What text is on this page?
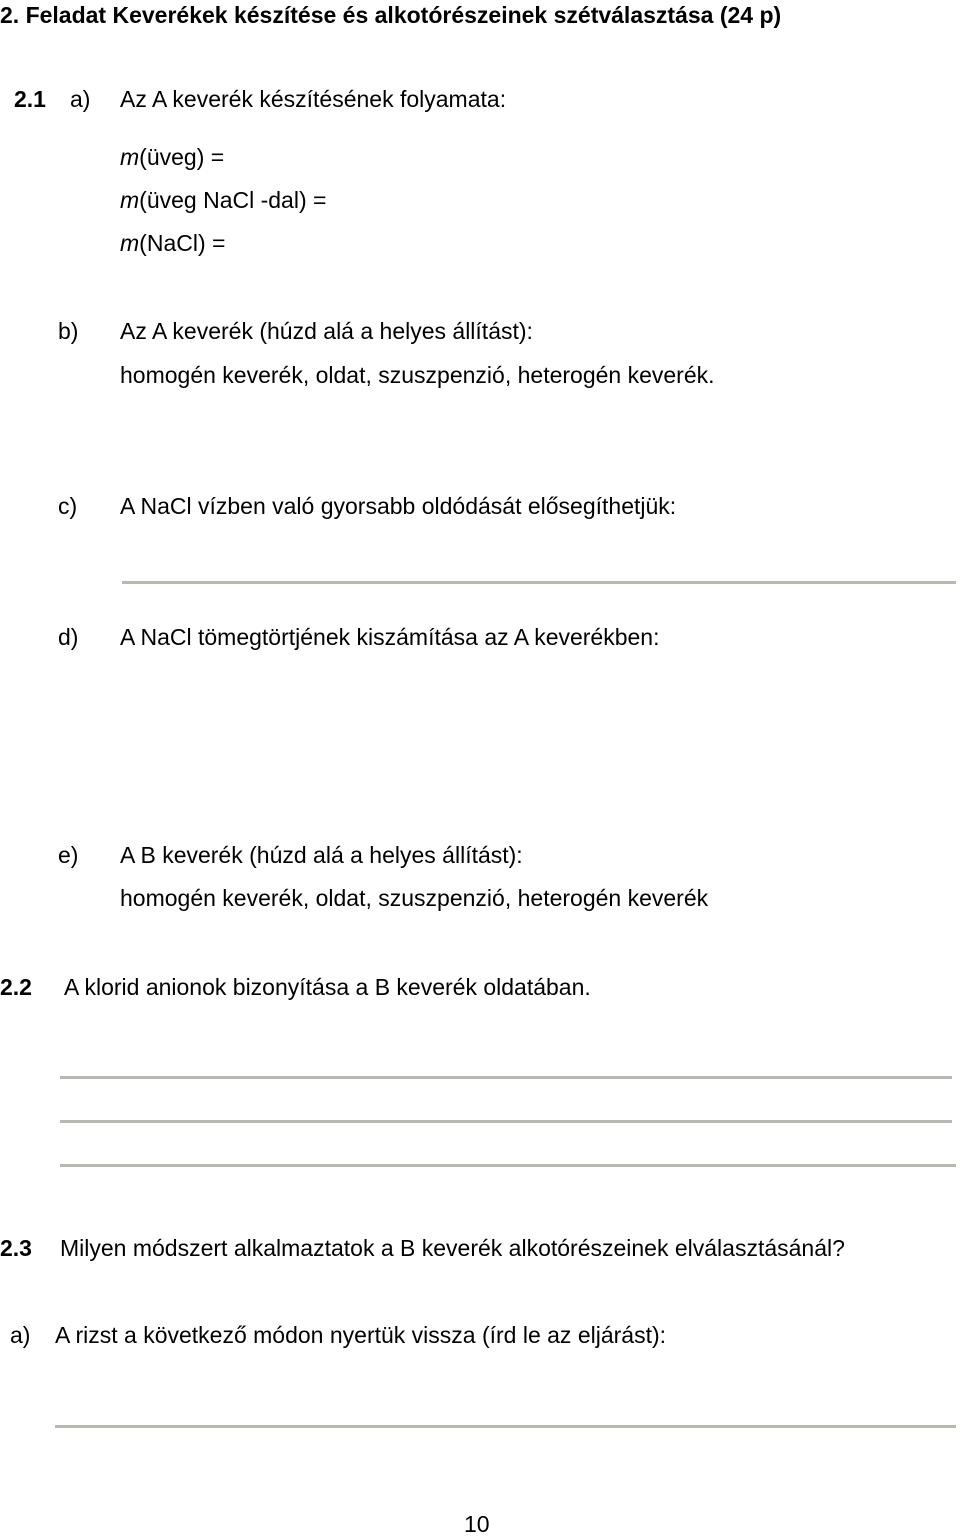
2. Feladat Keverékek készítése és alkotórészeinek szétválasztása (24 p)
2.1 a) Az A keverék készítésének folyamata:
m(üveg) =
m(üveg NaCl -dal) =
m(NaCl) =
b) Az A keverék (húzd alá a helyes állítást):
homogén keverék, oldat, szuszpenzió, heterogén keverék.
c) A NaCl vízben való gyorsabb oldódását elősegíthetjük:
d) A NaCl tömegtörtjének kiszámítása az A keverékben:
e) A B keverék (húzd alá a helyes állítást):
homogén keverék, oldat, szuszpenzió, heterogén keverék
2.2 A klorid anionok bizonyítása a B keverék oldatában.
2.3 Milyen módszert alkalmaztatok a B keverék alkotórészeinek elválasztásánál?
a) A rizst a következő módon nyertük vissza (írd le az eljárást):
10
